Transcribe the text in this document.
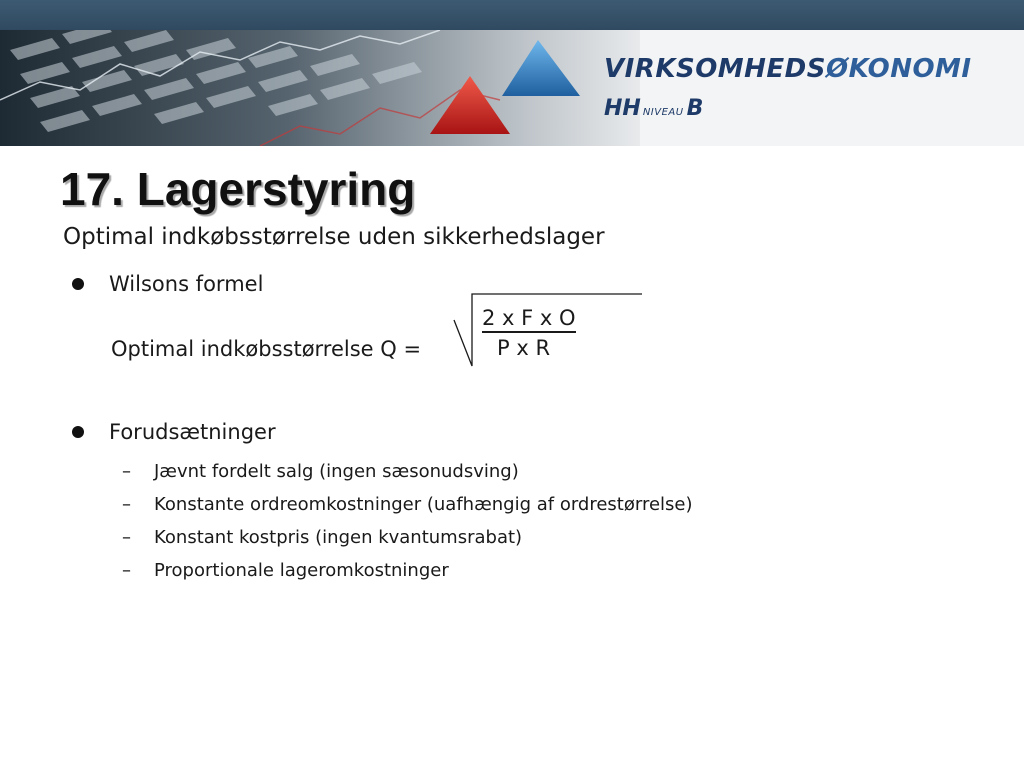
VIRKSOMHEDSØKONOMI
HH NIVEAU B
17. Lagerstyring
Optimal indkøbsstørrelse uden sikkerhedslager
Wilsons formel
Optimal indkøbsstørrelse Q =
2 x F x O
P x R
Forudsætninger
–	Jævnt fordelt salg (ingen sæsonudsving)
–	Konstante ordreomkostninger (uafhængig af ordrestørrelse)
–	Konstant kostpris (ingen kvantumsrabat)
–	Proportionale lageromkostninger
